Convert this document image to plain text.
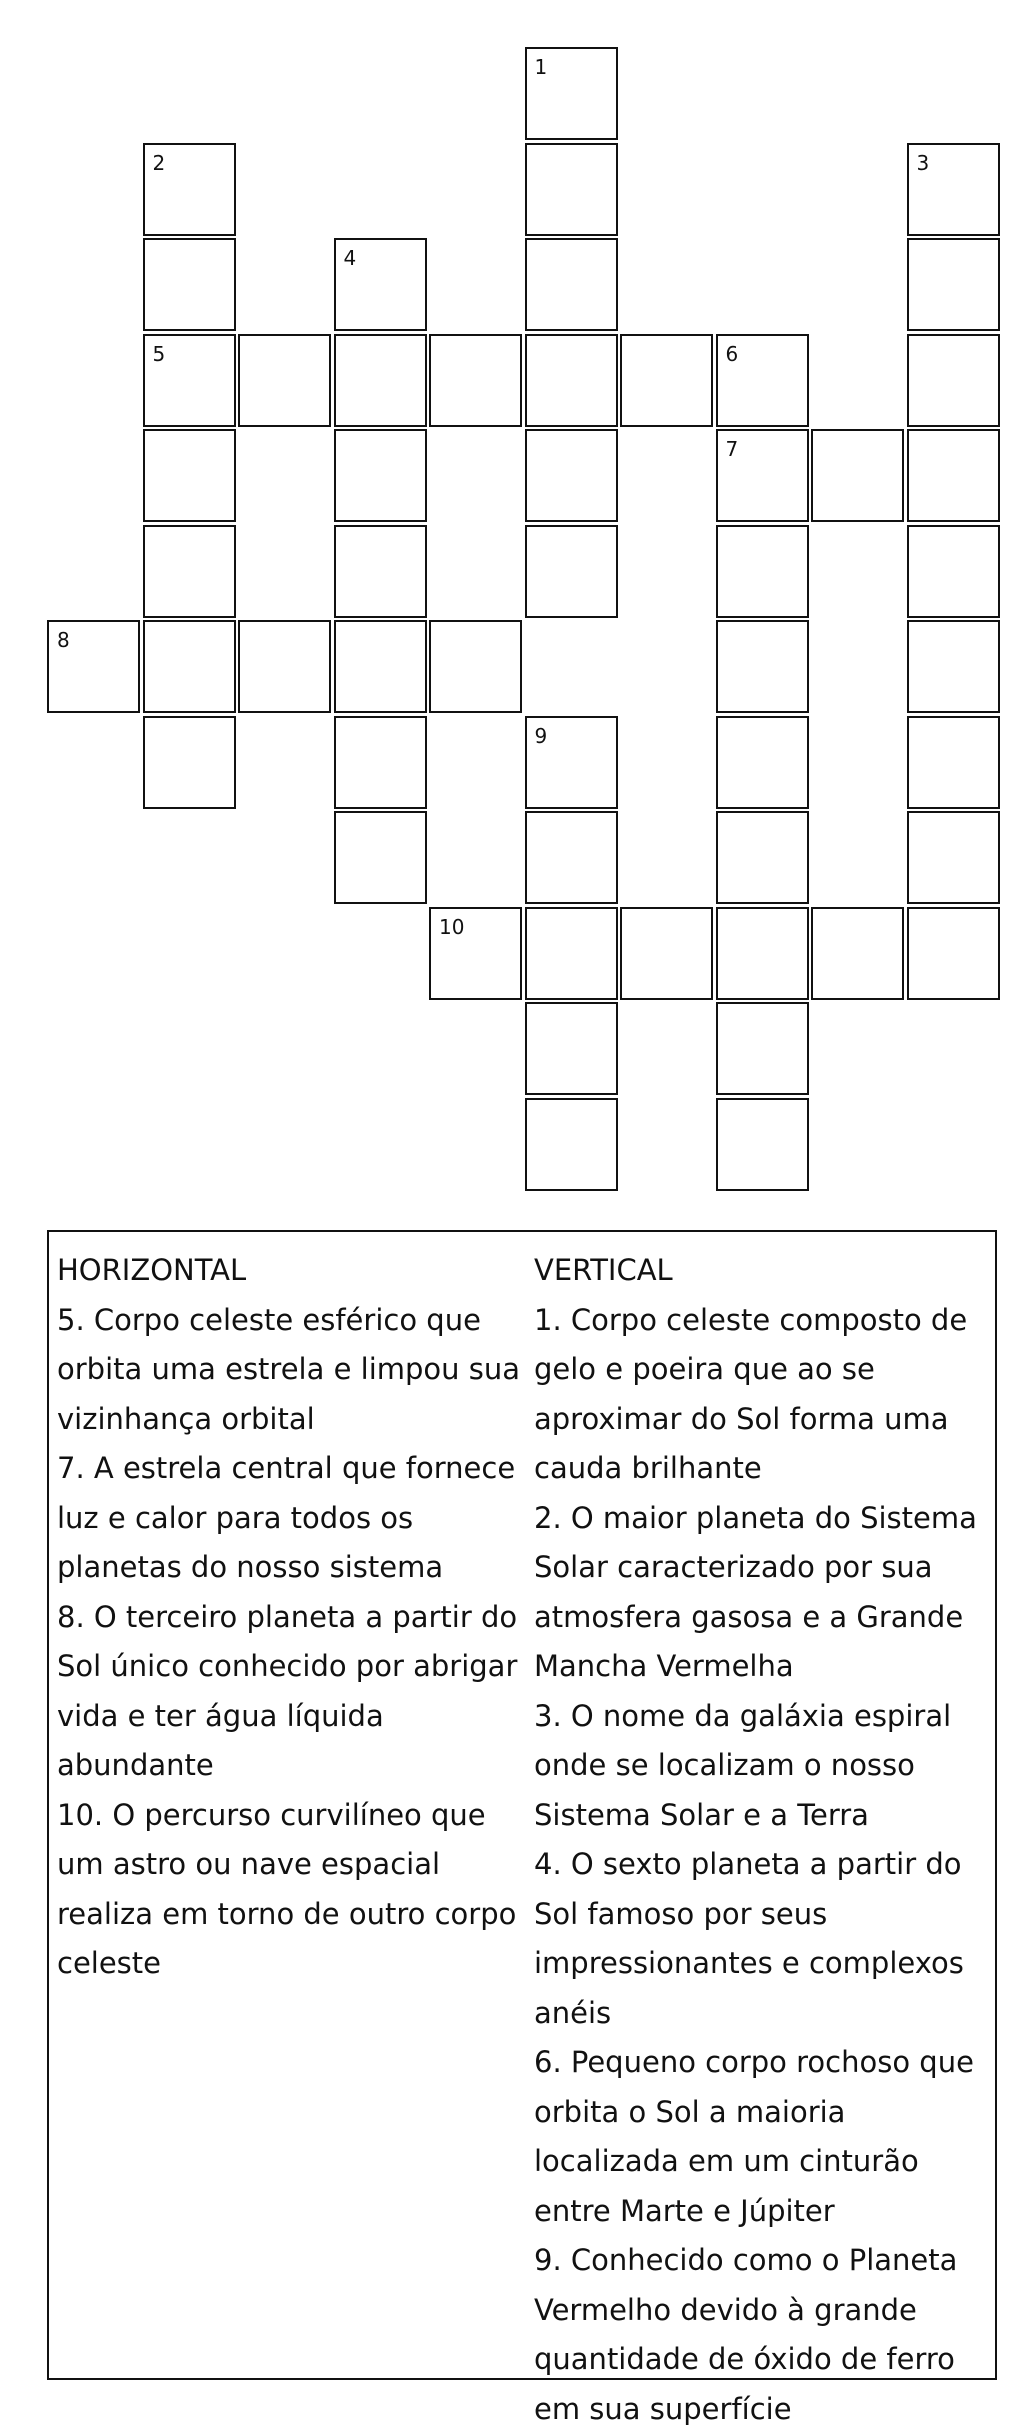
1
2
5
3
4
6
7
8
9
10
HORIZONTAL
5. Corpo celeste esférico que orbita uma estrela e limpou sua vizinhança orbital
7. A estrela central que fornece luz e calor para todos os planetas do nosso sistema
8. O terceiro planeta a partir do Sol único conhecido por abrigar vida e ter água líquida abundante
10. O percurso curvilíneo que um astro ou nave espacial realiza em torno de outro corpo celeste
VERTICAL
1. Corpo celeste composto de gelo e poeira que ao se aproximar do Sol forma uma cauda brilhante
2. O maior planeta do Sistema Solar caracterizado por sua atmosfera gasosa e a Grande Mancha Vermelha
3. O nome da galáxia espiral onde se localizam o nosso Sistema Solar e a Terra
4. O sexto planeta a partir do Sol famoso por seus impressionantes e complexos anéis
6. Pequeno corpo rochoso que orbita o Sol a maioria localizada em um cinturão entre Marte e Júpiter
9. Conhecido como o Planeta Vermelho devido à grande quantidade de óxido de ferro em sua superfície
